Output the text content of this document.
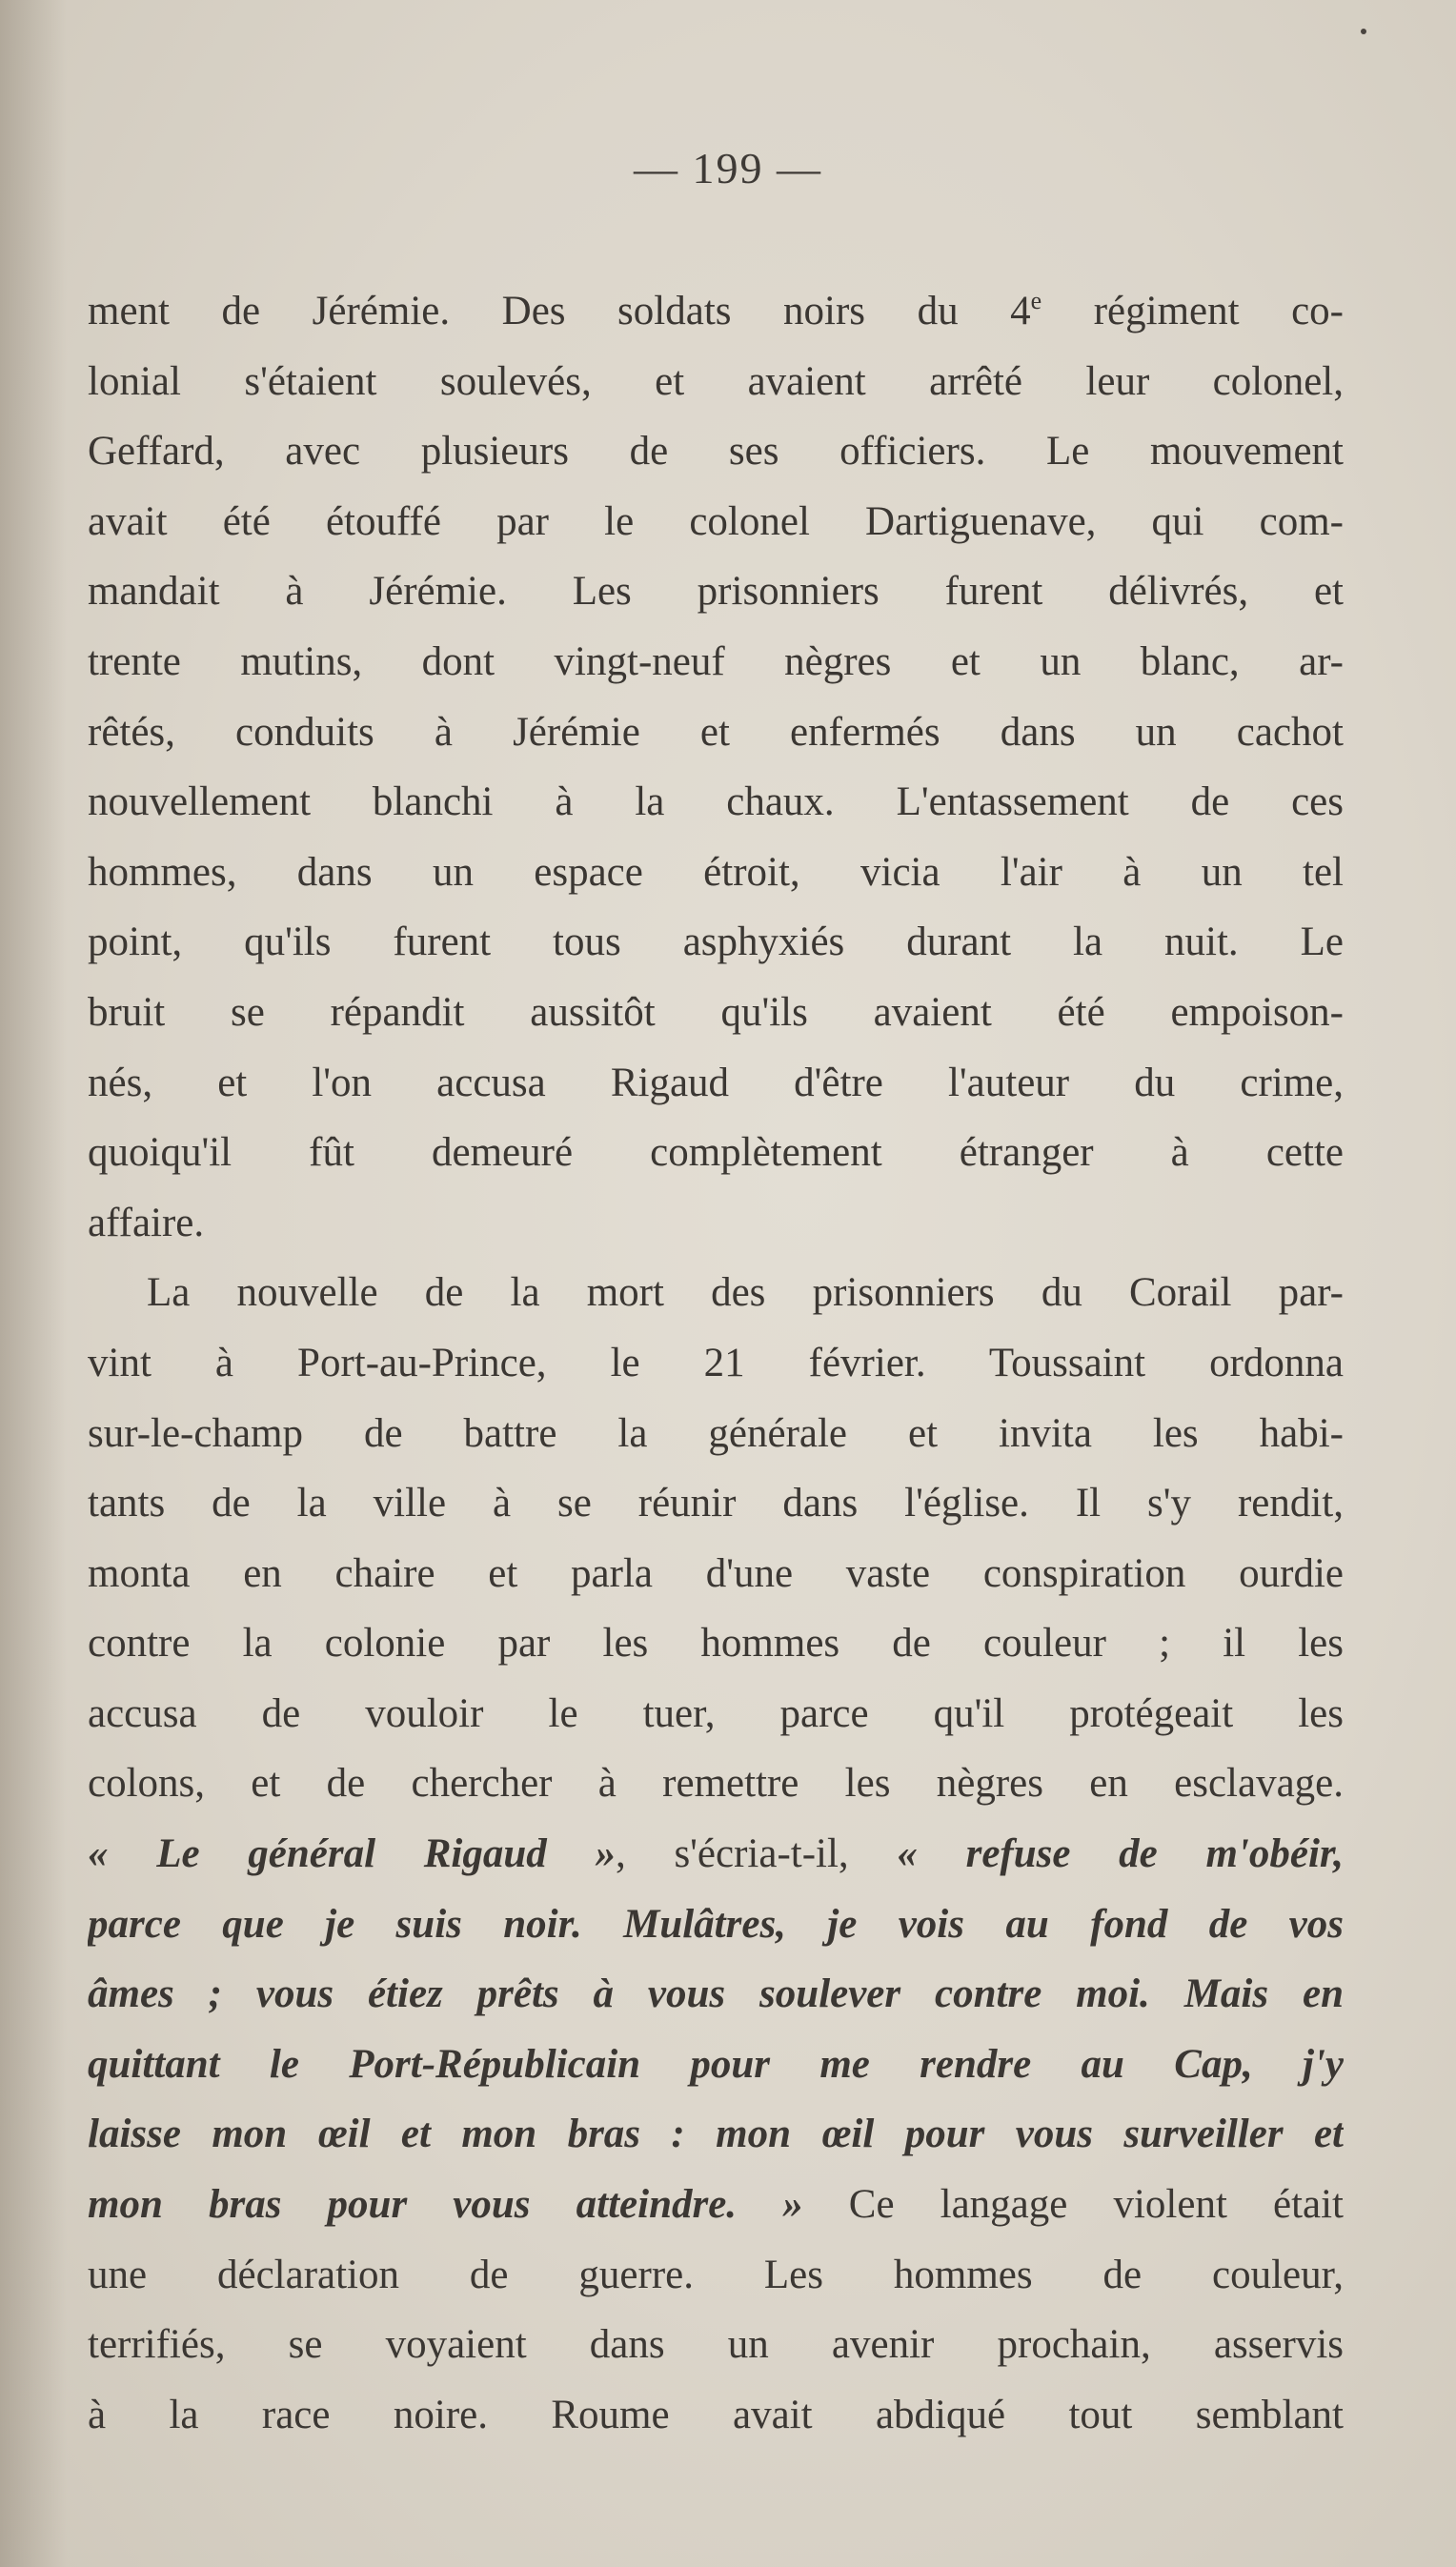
— 199 —
ment de Jérémie. Des soldats noirs du 4e régiment co-
lonial s'étaient soulevés, et avaient arrêté leur colonel,
Geffard, avec plusieurs de ses officiers. Le mouvement
avait été étouffé par le colonel Dartiguenave, qui com-
mandait à Jérémie. Les prisonniers furent délivrés, et
trente mutins, dont vingt-neuf nègres et un blanc, ar-
rêtés, conduits à Jérémie et enfermés dans un cachot
nouvellement blanchi à la chaux. L'entassement de ces
hommes, dans un espace étroit, vicia l'air à un tel
point, qu'ils furent tous asphyxiés durant la nuit. Le
bruit se répandit aussitôt qu'ils avaient été empoison-
nés, et l'on accusa Rigaud d'être l'auteur du crime,
quoiqu'il fût demeuré complètement étranger à cette
affaire.
La nouvelle de la mort des prisonniers du Corail par-
vint à Port-au-Prince, le 21 février. Toussaint ordonna
sur-le-champ de battre la générale et invita les habi-
tants de la ville à se réunir dans l'église. Il s'y rendit,
monta en chaire et parla d'une vaste conspiration ourdie
contre la colonie par les hommes de couleur ; il les
accusa de vouloir le tuer, parce qu'il protégeait les
colons, et de chercher à remettre les nègres en esclavage.
« Le général Rigaud », s'écria-t-il, « refuse de m'obéir,
parce que je suis noir. Mulâtres, je vois au fond de vos
âmes ; vous étiez prêts à vous soulever contre moi. Mais en
quittant le Port-Républicain pour me rendre au Cap, j'y
laisse mon œil et mon bras : mon œil pour vous surveiller et
mon bras pour vous atteindre. » Ce langage violent était
une déclaration de guerre. Les hommes de couleur,
terrifiés, se voyaient dans un avenir prochain, asservis
à la race noire. Roume avait abdiqué tout semblant
